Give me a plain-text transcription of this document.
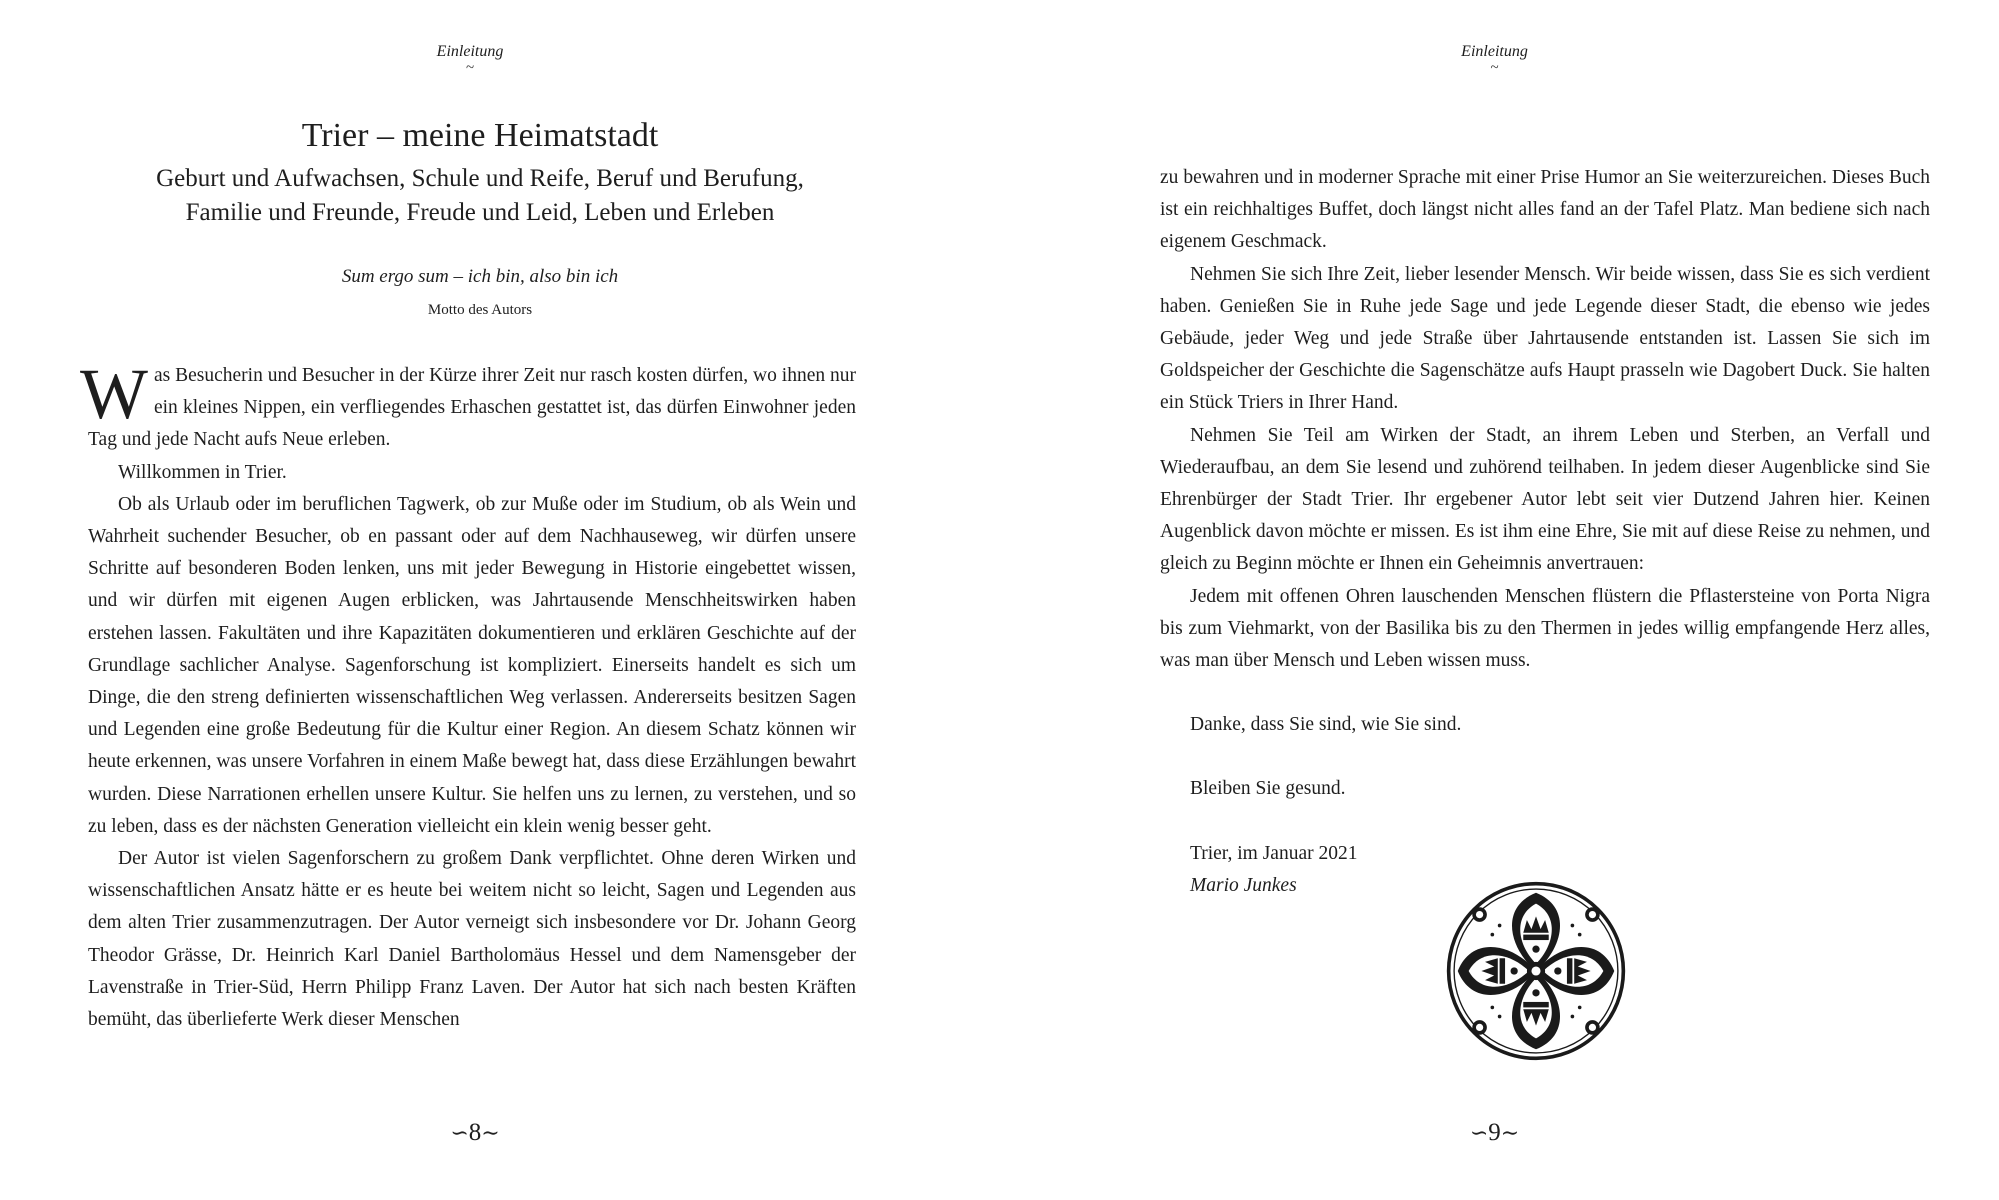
Einleitung
~
Trier – meine Heimatstadt
Geburt und Aufwachsen, Schule und Reife, Beruf und Berufung,
Familie und Freunde, Freude und Leid, Leben und Erleben
Sum ergo sum – ich bin, also bin ich
Motto des Autors

Was Besucherin und Besucher in der Kürze ihrer Zeit nur rasch kosten dürfen, wo ihnen nur ein kleines Nippen, ein verfliegendes Erhaschen gestattet ist, das dürfen Einwohner jeden Tag und jede Nacht aufs Neue erleben.

Willkommen in Trier.

Ob als Urlaub oder im beruflichen Tagwerk, ob zur Muße oder im Studium, ob als Wein und Wahrheit suchender Besucher, ob en passant oder auf dem Nachhauseweg, wir dürfen unsere Schritte auf besonderen Boden lenken, uns mit jeder Bewegung in Historie eingebettet wissen, und wir dürfen mit eigenen Augen erblicken, was Jahrtausende Menschheitswirken haben erstehen lassen. Fakultäten und ihre Kapazitäten dokumentieren und erklären Geschichte auf der Grundlage sachlicher Analyse. Sagenforschung ist kompliziert. Einerseits handelt es sich um Dinge, die den streng definierten wissenschaftlichen Weg verlassen. Andererseits besitzen Sagen und Legenden eine große Bedeutung für die Kultur einer Region. An diesem Schatz können wir heute erkennen, was unsere Vorfahren in einem Maße bewegt hat, dass diese Erzählungen bewahrt wurden. Diese Narrationen erhellen unsere Kultur. Sie helfen uns zu lernen, zu verstehen, und so zu leben, dass es der nächsten Generation vielleicht ein klein wenig besser geht.

Der Autor ist vielen Sagenforschern zu großem Dank verpflichtet. Ohne deren Wirken und wissenschaftlichen Ansatz hätte er es heute bei weitem nicht so leicht, Sagen und Legenden aus dem alten Trier zusammenzutragen. Der Autor verneigt sich insbesondere vor Dr. Johann Georg Theodor Grässe, Dr. Heinrich Karl Daniel Bartholomäus Hessel und dem Namensgeber der Lavenstraße in Trier-Süd, Herrn Philipp Franz Laven. Der Autor hat sich nach besten Kräften bemüht, das überlieferte Werk dieser Menschen

∽8∼
Einleitung
~

zu bewahren und in moderner Sprache mit einer Prise Humor an Sie weiterzureichen. Dieses Buch ist ein reichhaltiges Buffet, doch längst nicht alles fand an der Tafel Platz. Man bediene sich nach eigenem Geschmack.

Nehmen Sie sich Ihre Zeit, lieber lesender Mensch. Wir beide wissen, dass Sie es sich verdient haben. Genießen Sie in Ruhe jede Sage und jede Legende dieser Stadt, die ebenso wie jedes Gebäude, jeder Weg und jede Straße über Jahrtausende entstanden ist. Lassen Sie sich im Goldspeicher der Geschichte die Sagenschätze aufs Haupt prasseln wie Dagobert Duck. Sie halten ein Stück Triers in Ihrer Hand.

Nehmen Sie Teil am Wirken der Stadt, an ihrem Leben und Sterben, an Verfall und Wiederaufbau, an dem Sie lesend und zuhörend teilhaben. In jedem dieser Augenblicke sind Sie Ehrenbürger der Stadt Trier. Ihr ergebener Autor lebt seit vier Dutzend Jahren hier. Keinen Augenblick davon möchte er missen. Es ist ihm eine Ehre, Sie mit auf diese Reise zu nehmen, und gleich zu Beginn möchte er Ihnen ein Geheimnis anvertrauen:

Jedem mit offenen Ohren lauschenden Menschen flüstern die Pflastersteine von Porta Nigra bis zum Viehmarkt, von der Basilika bis zu den Thermen in jedes willig empfangende Herz alles, was man über Mensch und Leben wissen muss.

Danke, dass Sie sind, wie Sie sind.

Bleiben Sie gesund.

Trier, im Januar 2021

Mario Junkes

∽9∼
